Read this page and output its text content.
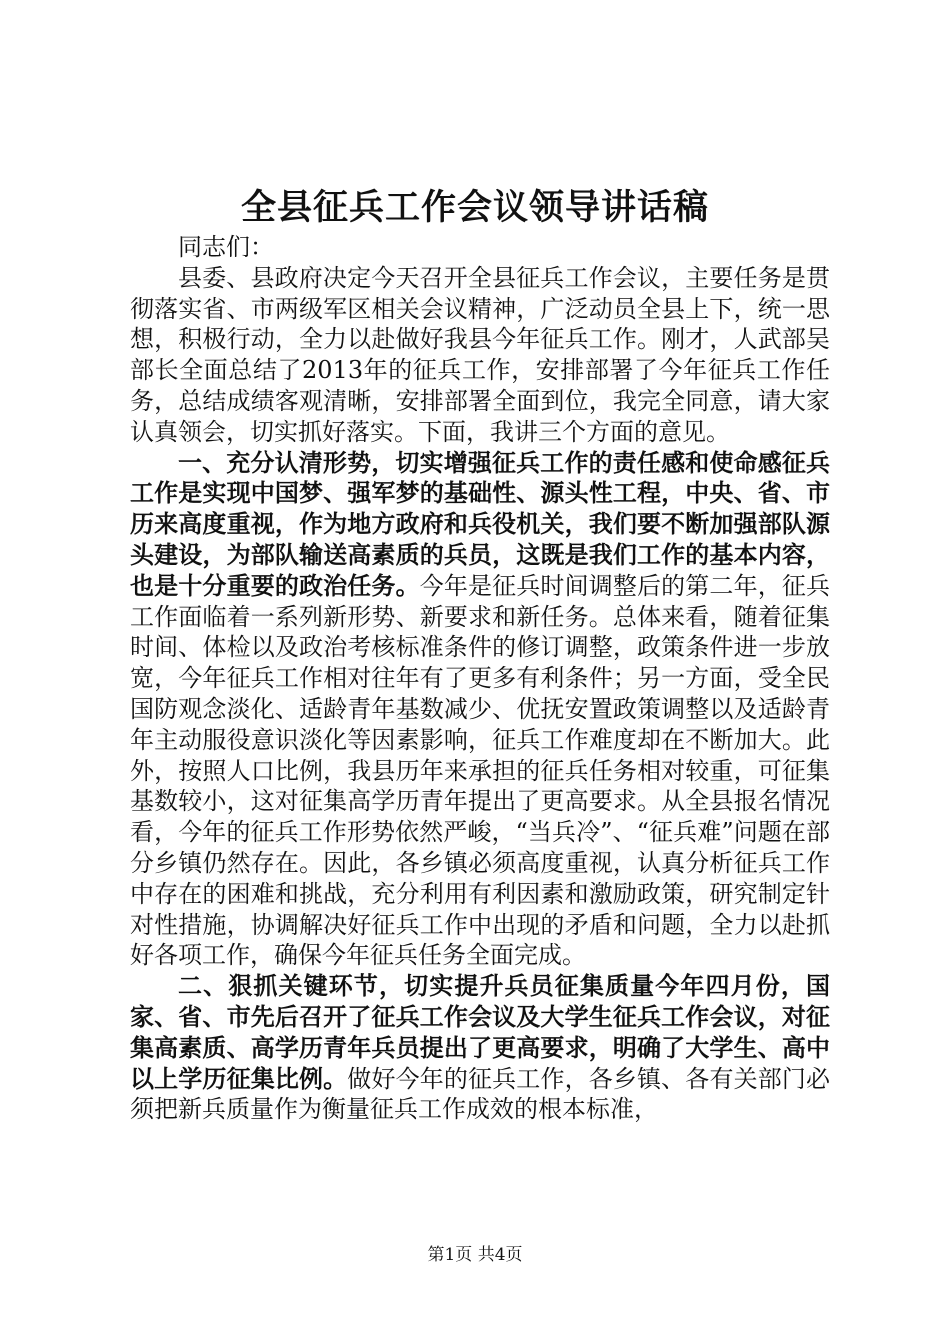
全县征兵工作会议领导讲话稿

同志们：

县委、县政府决定今天召开全县征兵工作会议，主要任务是贯彻落实省、市两级军区相关会议精神，广泛动员全县上下，统一思想，积极行动，全力以赴做好我县今年征兵工作。刚才，人武部吴部长全面总结了2013年的征兵工作，安排部署了今年征兵工作任务，总结成绩客观清晰，安排部署全面到位，我完全同意，请大家认真领会，切实抓好落实。下面，我讲三个方面的意见。

一、充分认清形势，切实增强征兵工作的责任感和使命感征兵工作是实现中国梦、强军梦的基础性、源头性工程，中央、省、市历来高度重视，作为地方政府和兵役机关，我们要不断加强部队源头建设，为部队输送高素质的兵员，这既是我们工作的基本内容，也是十分重要的政治任务。今年是征兵时间调整后的第二年，征兵工作面临着一系列新形势、新要求和新任务。总体来看，随着征集时间、体检以及政治考核标准条件的修订调整，政策条件进一步放宽，今年征兵工作相对往年有了更多有利条件；另一方面，受全民国防观念淡化、适龄青年基数减少、优抚安置政策调整以及适龄青年主动服役意识淡化等因素影响，征兵工作难度却在不断加大。此外，按照人口比例，我县历年来承担的征兵任务相对较重，可征集基数较小，这对征集高学历青年提出了更高要求。从全县报名情况看，今年的征兵工作形势依然严峻，“当兵冷”、“征兵难”问题在部分乡镇仍然存在。因此，各乡镇必须高度重视，认真分析征兵工作中存在的困难和挑战，充分利用有利因素和激励政策，研究制定针对性措施，协调解决好征兵工作中出现的矛盾和问题，全力以赴抓好各项工作，确保今年征兵任务全面完成。

二、狠抓关键环节，切实提升兵员征集质量今年四月份，国家、省、市先后召开了征兵工作会议及大学生征兵工作会议，对征集高素质、高学历青年兵员提出了更高要求，明确了大学生、高中以上学历征集比例。做好今年的征兵工作，各乡镇、各有关部门必须把新兵质量作为衡量征兵工作成效的根本标准，

第1页 共4页
